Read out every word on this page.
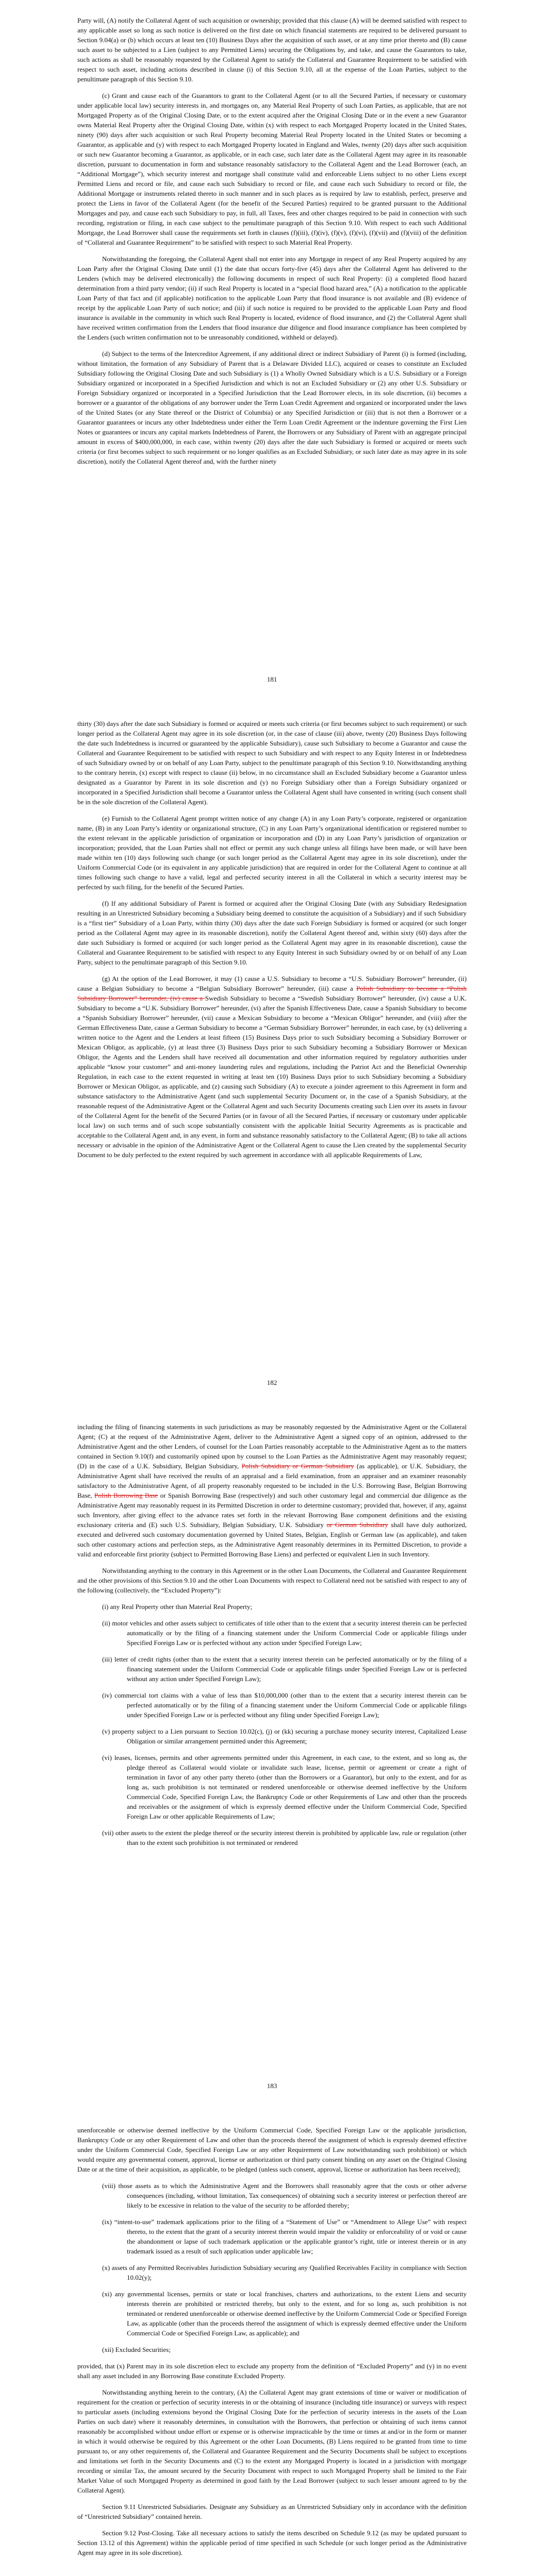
Party will, (A) notify the Collateral Agent of such acquisition or ownership; provided that this clause (A) will be deemed satisfied with respect to any applicable asset so long as such notice is delivered on the first date on which financial statements are required to be delivered pursuant to Section 9.04(a) or (b) which occurs at least ten (10) Business Days after the acquisition of such asset, or at any time prior thereto and (B) cause such asset to be subjected to a Lien (subject to any Permitted Liens) securing the Obligations by, and take, and cause the Guarantors to take, such actions as shall be reasonably requested by the Collateral Agent to satisfy the Collateral and Guarantee Requirement to be satisfied with respect to such asset, including actions described in clause (i) of this Section 9.10, all at the expense of the Loan Parties, subject to the penultimate paragraph of this Section 9.10.

(c) Grant and cause each of the Guarantors to grant to the Collateral Agent (or to all the Secured Parties, if necessary or customary under applicable local law) security interests in, and mortgages on, any Material Real Property of such Loan Parties, as applicable, that are not Mortgaged Property as of the Original Closing Date, or to the extent acquired after the Original Closing Date or in the event a new Guarantor owns Material Real Property after the Original Closing Date, within (x) with respect to each Mortgaged Property located in the United States, ninety (90) days after such acquisition or such Real Property becoming Material Real Property located in the United States or becoming a Guarantor, as applicable and (y) with respect to each Mortgaged Property located in England and Wales, twenty (20) days after such acquisition or such new Guarantor becoming a Guarantor, as applicable, or in each case, such later date as the Collateral Agent may agree in its reasonable discretion, pursuant to documentation in form and substance reasonably satisfactory to the Collateral Agent and the Lead Borrower (each, an “Additional Mortgage”), which security interest and mortgage shall constitute valid and enforceable Liens subject to no other Liens except Permitted Liens and record or file, and cause each such Subsidiary to record or file, and cause each such Subsidiary to record or file, the Additional Mortgage or instruments related thereto in such manner and in such places as is required by law to establish, perfect, preserve and protect the Liens in favor of the Collateral Agent (for the benefit of the Secured Parties) required to be granted pursuant to the Additional Mortgages and pay, and cause each such Subsidiary to pay, in full, all Taxes, fees and other charges required to be paid in connection with such recording, registration or filing, in each case subject to the penultimate paragraph of this Section 9.10. With respect to each such Additional Mortgage, the Lead Borrower shall cause the requirements set forth in clauses (f)(iii), (f)(iv), (f)(v), (f)(vi), (f)(vii) and (f)(viii) of the definition of “Collateral and Guarantee Requirement” to be satisfied with respect to such Material Real Property.

Notwithstanding the foregoing, the Collateral Agent shall not enter into any Mortgage in respect of any Real Property acquired by any Loan Party after the Original Closing Date until (1) the date that occurs forty-five (45) days after the Collateral Agent has delivered to the Lenders (which may be delivered electronically) the following documents in respect of such Real Property: (i) a completed flood hazard determination from a third party vendor; (ii) if such Real Property is located in a “special flood hazard area,” (A) a notification to the applicable Loan Party of that fact and (if applicable) notification to the applicable Loan Party that flood insurance is not available and (B) evidence of receipt by the applicable Loan Party of such notice; and (iii) if such notice is required to be provided to the applicable Loan Party and flood insurance is available in the community in which such Real Property is located, evidence of flood insurance, and (2) the Collateral Agent shall have received written confirmation from the Lenders that flood insurance due diligence and flood insurance compliance has been completed by the Lenders (such written confirmation not to be unreasonably conditioned, withheld or delayed).

(d) Subject to the terms of the Intercreditor Agreement, if any additional direct or indirect Subsidiary of Parent (i) is formed (including, without limitation, the formation of any Subsidiary of Parent that is a Delaware Divided LLC), acquired or ceases to constitute an Excluded Subsidiary following the Original Closing Date and such Subsidiary is (1) a Wholly Owned Subsidiary which is a U.S. Subsidiary or a Foreign Subsidiary organized or incorporated in a Specified Jurisdiction and which is not an Excluded Subsidiary or (2) any other U.S. Subsidiary or Foreign Subsidiary organized or incorporated in a Specified Jurisdiction that the Lead Borrower elects, in its sole discretion, (ii) becomes a borrower or a guarantor of the obligations of any borrower under the Term Loan Credit Agreement and organized or incorporated under the laws of the United States (or any State thereof or the District of Columbia) or any Specified Jurisdiction or (iii) that is not then a Borrower or a Guarantor guarantees or incurs any other Indebtedness under either the Term Loan Credit Agreement or the indenture governing the First Lien Notes or guarantees or incurs any capital markets Indebtedness of Parent, the Borrowers or any Subsidiary of Parent with an aggregate principal amount in excess of $400,000,000, in each case, within twenty (20) days after the date such Subsidiary is formed or acquired or meets such criteria (or first becomes subject to such requirement or no longer qualifies as an Excluded Subsidiary, or such later date as may agree in its sole discretion), notify the Collateral Agent thereof and, with the further ninety

181

thirty (30) days after the date such Subsidiary is formed or acquired or meets such criteria (or first becomes subject to such requirement) or such longer period as the Collateral Agent may agree in its sole discretion (or, in the case of clause (iii) above, twenty (20) Business Days following the date such Indebtedness is incurred or guaranteed by the applicable Subsidiary), cause such Subsidiary to become a Guarantor and cause the Collateral and Guarantee Requirement to be satisfied with respect to such Subsidiary and with respect to any Equity Interest in or Indebtedness of such Subsidiary owned by or on behalf of any Loan Party, subject to the penultimate paragraph of this Section 9.10. Notwithstanding anything to the contrary herein, (x) except with respect to clause (ii) below, in no circumstance shall an Excluded Subsidiary become a Guarantor unless designated as a Guarantor by Parent in its sole discretion and (y) no Foreign Subsidiary other than a Foreign Subsidiary organized or incorporated in a Specified Jurisdiction shall become a Guarantor unless the Collateral Agent shall have consented in writing (such consent shall be in the sole discretion of the Collateral Agent).

(e) Furnish to the Collateral Agent prompt written notice of any change (A) in any Loan Party’s corporate, registered or organization name, (B) in any Loan Party’s identity or organizational structure, (C) in any Loan Party’s organizational identification or registered number to the extent relevant in the applicable jurisdiction of organization or incorporation and (D) in any Loan Party’s jurisdiction of organization or incorporation; provided, that the Loan Parties shall not effect or permit any such change unless all filings have been made, or will have been made within ten (10) days following such change (or such longer period as the Collateral Agent may agree in its sole discretion), under the Uniform Commercial Code (or its equivalent in any applicable jurisdiction) that are required in order for the Collateral Agent to continue at all times following such change to have a valid, legal and perfected security interest in all the Collateral in which a security interest may be perfected by such filing, for the benefit of the Secured Parties.

(f) If any additional Subsidiary of Parent is formed or acquired after the Original Closing Date (with any Subsidiary Redesignation resulting in an Unrestricted Subsidiary becoming a Subsidiary being deemed to constitute the acquisition of a Subsidiary) and if such Subsidiary is a “first tier” Subsidiary of a Loan Party, within thirty (30) days after the date such Foreign Subsidiary is formed or acquired (or such longer period as the Collateral Agent may agree in its reasonable discretion), notify the Collateral Agent thereof and, within sixty (60) days after the date such Subsidiary is formed or acquired (or such longer period as the Collateral Agent may agree in its reasonable discretion), cause the Collateral and Guarantee Requirement to be satisfied with respect to any Equity Interest in such Subsidiary owned by or on behalf of any Loan Party, subject to the penultimate paragraph of this Section 9.10.

(g) At the option of the Lead Borrower, it may (1) cause a U.S. Subsidiary to become a “U.S. Subsidiary Borrower” hereunder, (ii) cause a Belgian Subsidiary to become a “Belgian Subsidiary Borrower” hereunder, (iii) cause a Polish Subsidiary to become a “Polish Subsidiary Borrower” hereunder, (iv) cause a Swedish Subsidiary to become a “Swedish Subsidiary Borrower” hereunder, (iv) cause a U.K. Subsidiary to become a “U.K. Subsidiary Borrower” hereunder, (vi) after the Spanish Effectiveness Date, cause a Spanish Subsidiary to become a “Spanish Subsidiary Borrower” hereunder, (vii) cause a Mexican Subsidiary to become a “Mexican Obligor” hereunder, and (viii) after the German Effectiveness Date, cause a German Subsidiary to become a “German Subsidiary Borrower” hereunder, in each case, by (x) delivering a written notice to the Agent and the Lenders at least fifteen (15) Business Days prior to such Subsidiary becoming a Subsidiary Borrower or Mexican Obligor, as applicable, (y) at least three (3) Business Days prior to such Subsidiary becoming a Subsidiary Borrower or Mexican Obligor, the Agents and the Lenders shall have received all documentation and other information required by regulatory authorities under applicable “know your customer” and anti-money laundering rules and regulations, including the Patriot Act and the Beneficial Ownership Regulation, in each case to the extent requested in writing at least ten (10) Business Days prior to such Subsidiary becoming a Subsidiary Borrower or Mexican Obligor, as applicable, and (z) causing such Subsidiary (A) to execute a joinder agreement to this Agreement in form and substance satisfactory to the Administrative Agent (and such supplemental Security Document or, in the case of a Spanish Subsidiary, at the reasonable request of the Administrative Agent or the Collateral Agent and such Security Documents creating such Lien over its assets in favour of the Collateral Agent for the benefit of the Secured Parties (or in favour of all the Secured Parties, if necessary or customary under applicable local law) on such terms and of such scope substantially consistent with the applicable Initial Security Agreements as is practicable and acceptable to the Collateral Agent and, in any event, in form and substance reasonably satisfactory to the Collateral Agent; (B) to take all actions necessary or advisable in the opinion of the Administrative Agent or the Collateral Agent to cause the Lien created by the supplemental Security Document to be duly perfected to the extent required by such agreement in accordance with all applicable Requirements of Law,

182

including the filing of financing statements in such jurisdictions as may be reasonably requested by the Administrative Agent or the Collateral Agent; (C) at the request of the Administrative Agent, deliver to the Administrative Agent a signed copy of an opinion, addressed to the Administrative Agent and the other Lenders, of counsel for the Loan Parties reasonably acceptable to the Administrative Agent as to the matters contained in Section 9.10(f) and customarily opined upon by counsel to the Loan Parties as the Administrative Agent may reasonably request; (D) in the case of a U.K. Subsidiary, Belgian Subsidiary, Polish Subsidiary or German Subsidiary (as applicable), or U.K. Subsidiary, the Administrative Agent shall have received the results of an appraisal and a field examination, from an appraiser and an examiner reasonably satisfactory to the Administrative Agent, of all property reasonably requested to be included in the U.S. Borrowing Base, Belgian Borrowing Base, Polish Borrowing Base or Spanish Borrowing Base (respectively) and such other customary legal and commercial due diligence as the Administrative Agent may reasonably request in its Permitted Discretion in order to determine customary; provided that, however, if any, against such Inventory, after giving effect to the advance rates set forth in the relevant Borrowing Base component definitions and the existing exclusionary criteria and (E) such U.S. Subsidiary, Belgian Subsidiary, U.K. Subsidiary or German Subsidiary shall have duly authorized, executed and delivered such customary documentation governed by United States, Belgian, English or German law (as applicable), and taken such other customary actions and perfection steps, as the Administrative Agent reasonably determines in its Permitted Discretion, to provide a valid and enforceable first priority (subject to Permitted Borrowing Base Liens) and perfected or equivalent Lien in such Inventory.

Notwithstanding anything to the contrary in this Agreement or in the other Loan Documents, the Collateral and Guarantee Requirement and the other provisions of this Section 9.10 and the other Loan Documents with respect to Collateral need not be satisfied with respect to any of the following (collectively, the “Excluded Property”):

(i) any Real Property other than Material Real Property;

(ii) motor vehicles and other assets subject to certificates of title other than to the extent that a security interest therein can be perfected automatically or by the filing of a financing statement under the Uniform Commercial Code or applicable filings under Specified Foreign Law or is perfected without any action under Specified Foreign Law;

(iii) letter of credit rights (other than to the extent that a security interest therein can be perfected automatically or by the filing of a financing statement under the Uniform Commercial Code or applicable filings under Specified Foreign Law or is perfected without any action under Specified Foreign Law);

(iv) commercial tort claims with a value of less than $10,000,000 (other than to the extent that a security interest therein can be perfected automatically or by the filing of a financing statement under the Uniform Commercial Code or applicable filings under Specified Foreign Law or is perfected without any filing under Specified Foreign Law);

(v) property subject to a Lien pursuant to Section 10.02(c), (j) or (kk) securing a purchase money security interest, Capitalized Lease Obligation or similar arrangement permitted under this Agreement;

(vi) leases, licenses, permits and other agreements permitted under this Agreement, in each case, to the extent, and so long as, the pledge thereof as Collateral would violate or invalidate such lease, license, permit or agreement or create a right of termination in favor of any other party thereto (other than the Borrowers or a Guarantor), but only to the extent, and for as long as, such prohibition is not terminated or rendered unenforceable or otherwise deemed ineffective by the Uniform Commercial Code, Specified Foreign Law, the Bankruptcy Code or other Requirements of Law and other than the proceeds and receivables or the assignment of which is expressly deemed effective under the Uniform Commercial Code, Specified Foreign Law or other applicable Requirements of Law;

(vii) other assets to the extent the pledge thereof or the security interest therein is prohibited by applicable law, rule or regulation (other than to the extent such prohibition is not terminated or rendered

183

unenforceable or otherwise deemed ineffective by the Uniform Commercial Code, Specified Foreign Law or the applicable jurisdiction, Bankruptcy Code or any other Requirement of Law and other than the proceeds thereof the assignment of which is expressly deemed effective under the Uniform Commercial Code, Specified Foreign Law or any other Requirement of Law notwithstanding such prohibition) or which would require any governmental consent, approval, license or authorization or third party consent binding on any asset on the Original Closing Date or at the time of their acquisition, as applicable, to be pledged (unless such consent, approval, license or authorization has been received);

(viii) those assets as to which the Administrative Agent and the Borrowers shall reasonably agree that the costs or other adverse consequences (including, without limitation, Tax consequences) of obtaining such a security interest or perfection thereof are likely to be excessive in relation to the value of the security to be afforded thereby;

(ix) “intent-to-use” trademark applications prior to the filing of a “Statement of Use” or “Amendment to Allege Use” with respect thereto, to the extent that the grant of a security interest therein would impair the validity or enforceability of or void or cause the abandonment or lapse of such trademark application or the applicable grantor’s right, title or interest therein or in any trademark issued as a result of such application under applicable law;

(x) assets of any Permitted Receivables Jurisdiction Subsidiary securing any Qualified Receivables Facility in compliance with Section 10.02(y);

(xi) any governmental licenses, permits or state or local franchises, charters and authorizations, to the extent Liens and security interests therein are prohibited or restricted thereby, but only to the extent, and for so long as, such prohibition is not terminated or rendered unenforceable or otherwise deemed ineffective by the Uniform Commercial Code or Specified Foreign Law, as applicable (other than the proceeds thereof the assignment of which is expressly deemed effective under the Uniform Commercial Code or Specified Foreign Law, as applicable); and

(xii) Excluded Securities;

provided, that (x) Parent may in its sole discretion elect to exclude any property from the definition of “Excluded Property” and (y) in no event shall any asset included in any Borrowing Base constitute Excluded Property.

Notwithstanding anything herein to the contrary, (A) the Collateral Agent may grant extensions of time or waiver or modification of requirement for the creation or perfection of security interests in or the obtaining of insurance (including title insurance) or surveys with respect to particular assets (including extensions beyond the Original Closing Date for the perfection of security interests in the assets of the Loan Parties on such date) where it reasonably determines, in consultation with the Borrowers, that perfection or obtaining of such items cannot reasonably be accomplished without undue effort or expense or is otherwise impracticable by the time or times at and/or in the form or manner in which it would otherwise be required by this Agreement or the other Loan Documents, (B) Liens required to be granted from time to time pursuant to, or any other requirements of, the Collateral and Guarantee Requirement and the Security Documents shall be subject to exceptions and limitations set forth in the Security Documents and (C) to the extent any Mortgaged Property is located in a jurisdiction with mortgage recording or similar Tax, the amount secured by the Security Document with respect to such Mortgaged Property shall be limited to the Fair Market Value of such Mortgaged Property as determined in good faith by the Lead Borrower (subject to such lesser amount agreed to by the Collateral Agent).

Section 9.11 Unrestricted Subsidiaries. Designate any Subsidiary as an Unrestricted Subsidiary only in accordance with the definition of “Unrestricted Subsidiary” contained herein.

Section 9.12 Post-Closing. Take all necessary actions to satisfy the items described on Schedule 9.12 (as may be updated pursuant to Section 13.12 of this Agreement) within the applicable period of time specified in such Schedule (or such longer period as the Administrative Agent may agree in its sole discretion).
